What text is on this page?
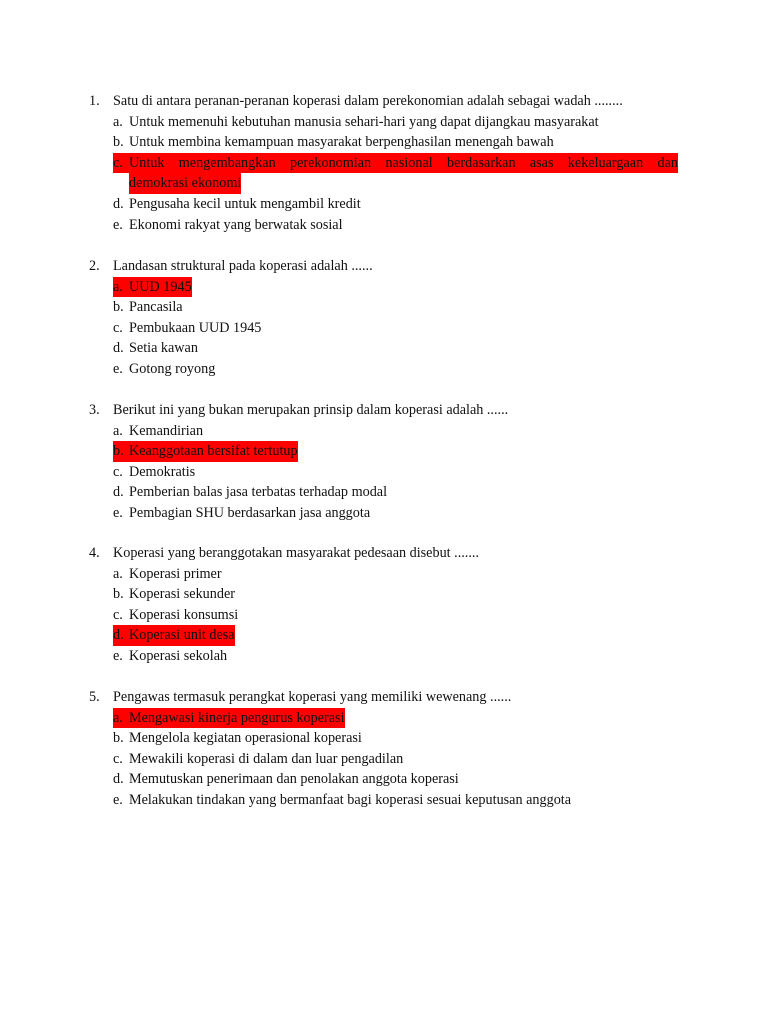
1. Satu di antara peranan-peranan koperasi dalam perekonomian adalah sebagai wadah ........
a. Untuk memenuhi kebutuhan manusia sehari-hari yang dapat dijangkau masyarakat
b. Untuk membina kemampuan masyarakat berpenghasilan menengah bawah
c. Untuk mengembangkan perekonomian nasional berdasarkan asas kekeluargaan dan
demokrasi ekonomi
d. Pengusaha kecil untuk mengambil kredit
e. Ekonomi rakyat yang berwatak sosial
2. Landasan struktural pada koperasi adalah ......
a. UUD 1945
b. Pancasila
c. Pembukaan UUD 1945
d. Setia kawan
e. Gotong royong
3. Berikut ini yang bukan merupakan prinsip dalam koperasi adalah ......
a. Kemandirian
b. Keanggotaan bersifat tertutup
c. Demokratis
d. Pemberian balas jasa terbatas terhadap modal
e. Pembagian SHU berdasarkan jasa anggota
4. Koperasi yang beranggotakan masyarakat pedesaan disebut .......
a. Koperasi primer
b. Koperasi sekunder
c. Koperasi konsumsi
d. Koperasi unit desa
e. Koperasi sekolah
5. Pengawas termasuk perangkat koperasi yang memiliki wewenang ......
a. Mengawasi kinerja pengurus koperasi
b. Mengelola kegiatan operasional koperasi
c. Mewakili koperasi di dalam dan luar pengadilan
d. Memutuskan penerimaan dan penolakan anggota koperasi
e. Melakukan tindakan yang bermanfaat bagi koperasi sesuai keputusan anggota
